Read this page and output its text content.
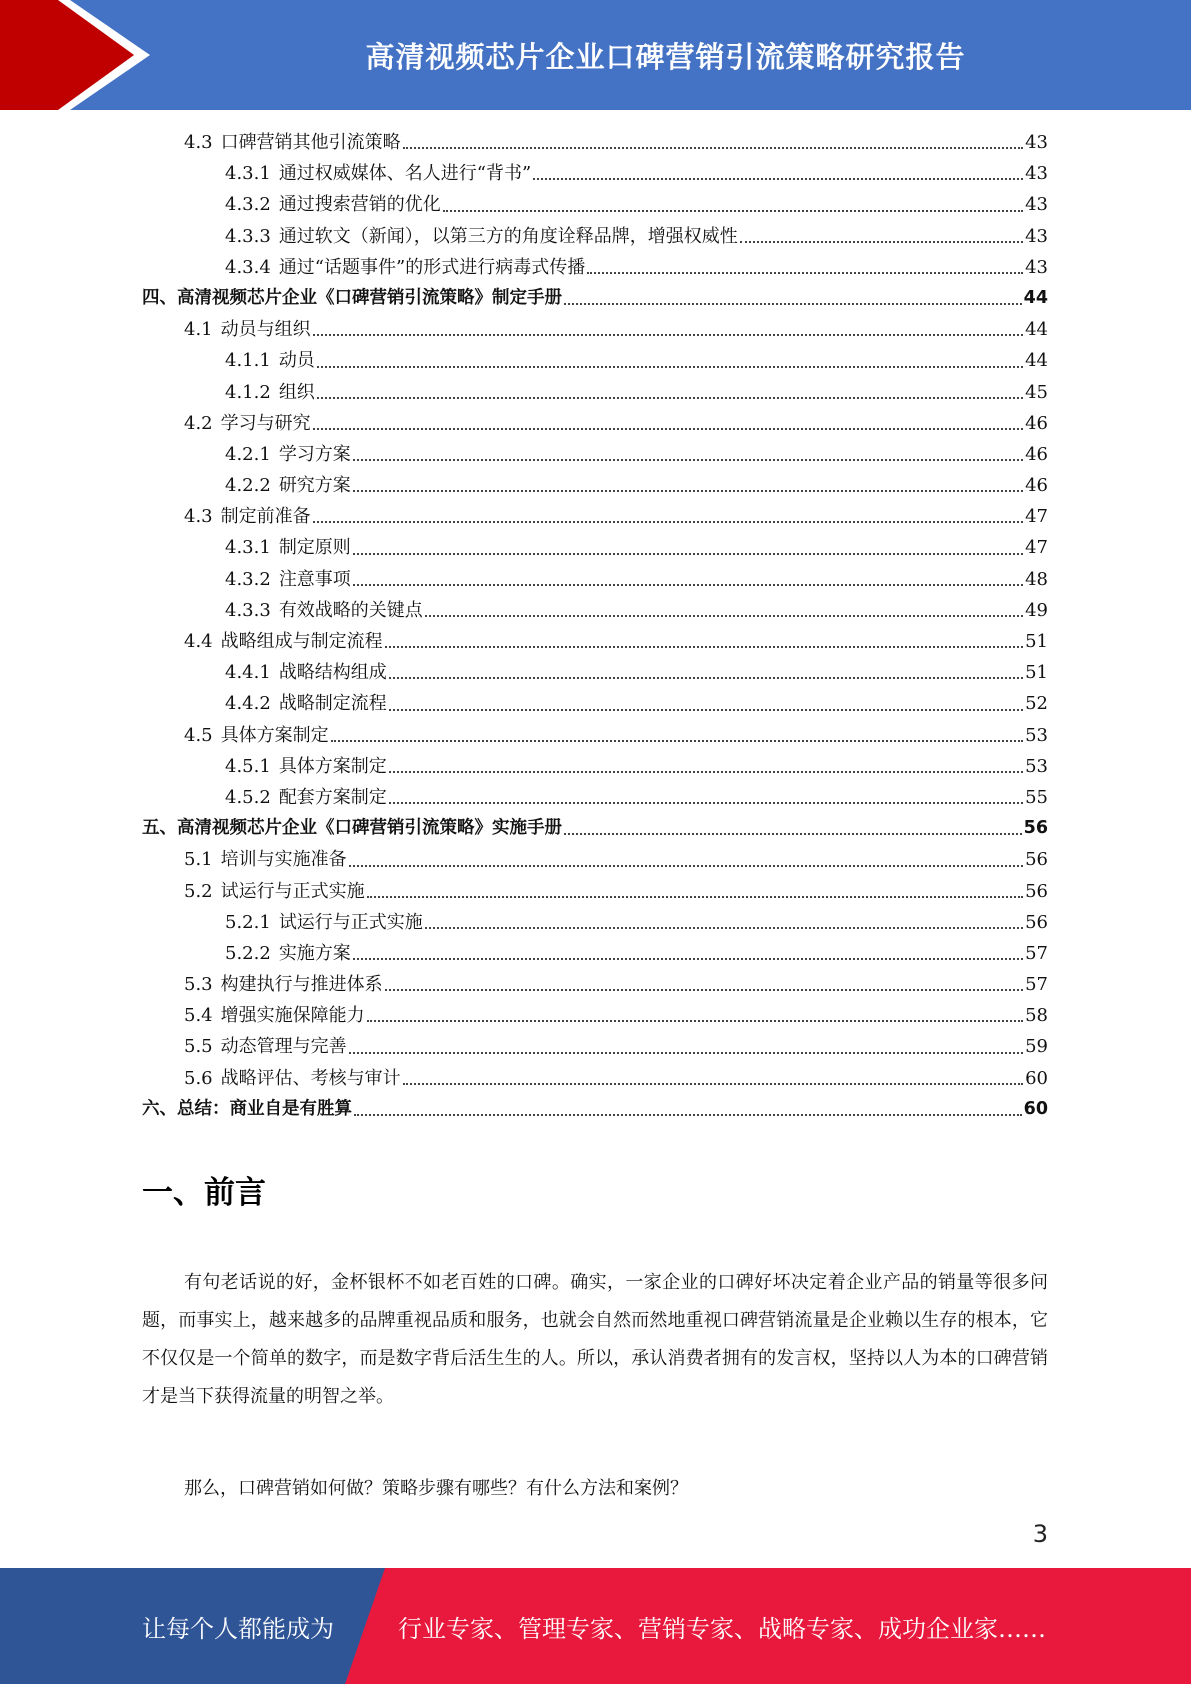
高清视频芯片企业口碑营销引流策略研究报告
4.3 口碑营销其他引流策略	43
4.3.1 通过权威媒体、名人进行“背书”	43
4.3.2 通过搜索营销的优化	43
4.3.3 通过软文（新闻），以第三方的角度诠释品牌，增强权威性	43
4.3.4 通过“话题事件”的形式进行病毒式传播	43
四、高清视频芯片企业《口碑营销引流策略》制定手册	44
4.1 动员与组织	44
4.1.1 动员	44
4.1.2 组织	45
4.2 学习与研究	46
4.2.1 学习方案	46
4.2.2 研究方案	46
4.3 制定前准备	47
4.3.1 制定原则	47
4.3.2 注意事项	48
4.3.3 有效战略的关键点	49
4.4 战略组成与制定流程	51
4.4.1 战略结构组成	51
4.4.2 战略制定流程	52
4.5 具体方案制定	53
4.5.1 具体方案制定	53
4.5.2 配套方案制定	55
五、高清视频芯片企业《口碑营销引流策略》实施手册	56
5.1 培训与实施准备	56
5.2 试运行与正式实施	56
5.2.1 试运行与正式实施	56
5.2.2 实施方案	57
5.3 构建执行与推进体系	57
5.4 增强实施保障能力	58
5.5 动态管理与完善	59
5.6 战略评估、考核与审计	60
六、总结：商业自是有胜算	60
一、前言
有句老话说的好，金杯银杯不如老百姓的口碑。确实，一家企业的口碑好坏决定着企业产品的销量等很多问题，而事实上，越来越多的品牌重视品质和服务，也就会自然而然地重视口碑营销流量是企业赖以生存的根本，它不仅仅是一个简单的数字，而是数字背后活生生的人。所以，承认消费者拥有的发言权，坚持以人为本的口碑营销才是当下获得流量的明智之举。
那么，口碑营销如何做？策略步骤有哪些？有什么方法和案例？
3
让每个人都能成为	行业专家、管理专家、营销专家、战略专家、成功企业家……
